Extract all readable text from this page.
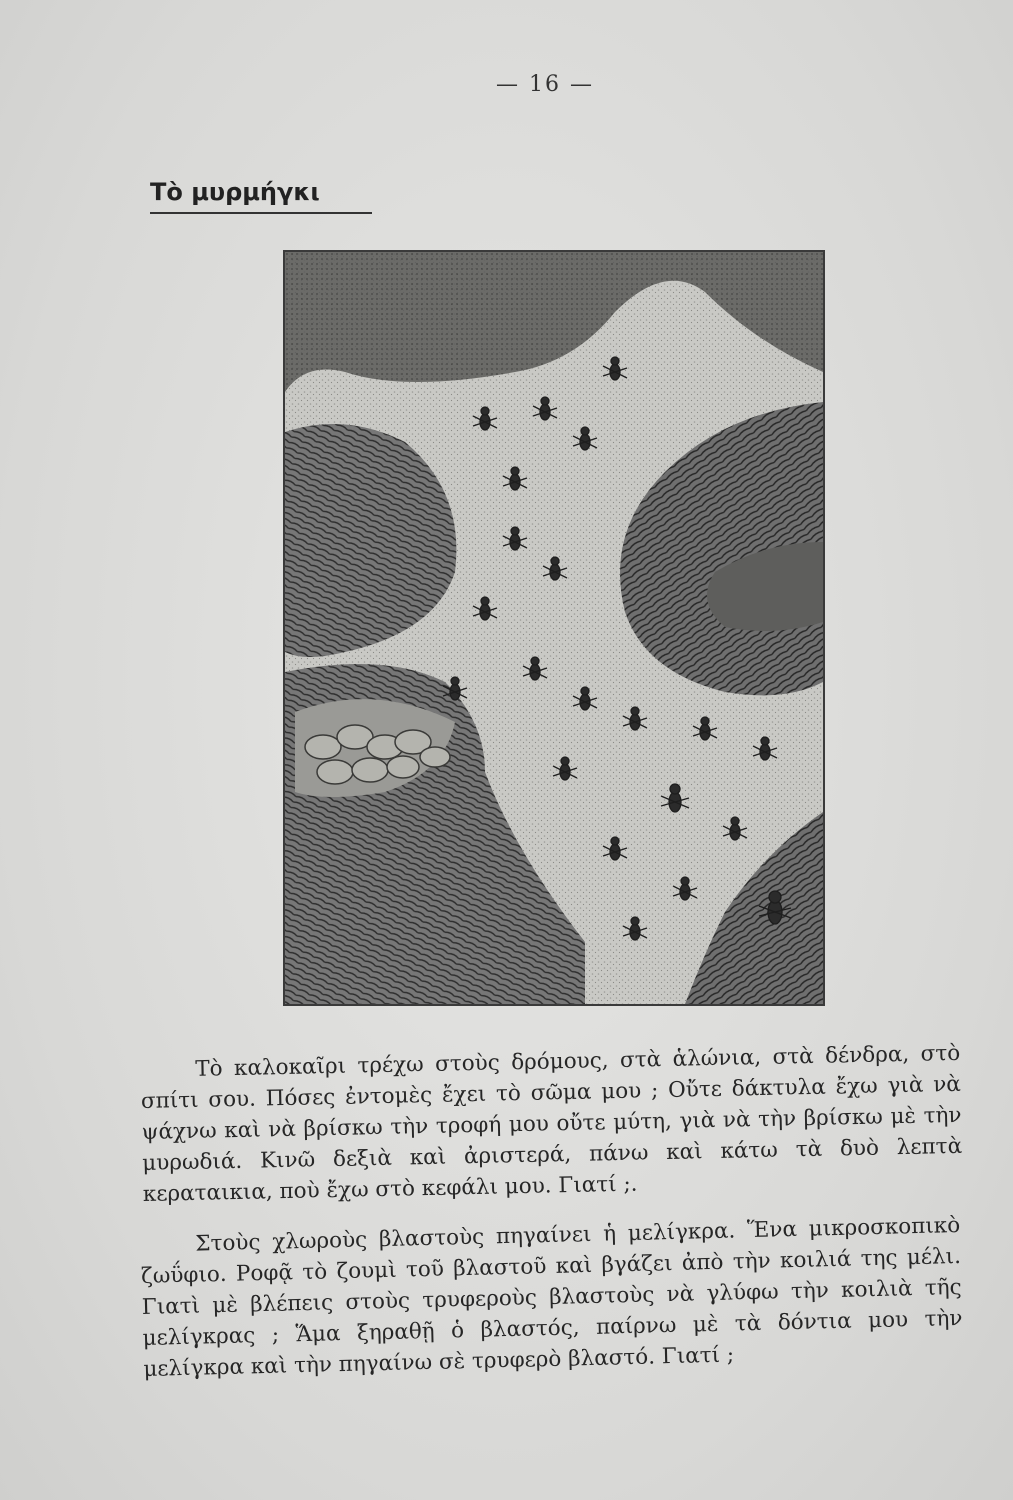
— 16 —
Τὸ μυρμήγκι
Τὸ καλοκαῖρι τρέχω στοὺς δρόμους, στὰ ἁλώνια, στὰ δένδρα, στὸ σπίτι σου. Πόσες ἐντομὲς ἔχει τὸ σῶμα μου ; Οὔτε δάκτυλα ἔχω γιὰ νὰ ψάχνω καὶ νὰ βρίσκω τὴν τροφή μου οὔτε μύτη, γιὰ νὰ τὴν βρίσκω μὲ τὴν μυρωδιά. Κινῶ δεξιὰ καὶ ἀριστερά, πάνω καὶ κάτω τὰ δυὸ λεπτὰ κεραταικια, ποὺ ἔχω στὸ κεφάλι μου. Γιατί ;.
Στοὺς χλωροὺς βλαστοὺς πηγαίνει ἡ μελίγκρα. Ἕνα μικροσκοπικὸ ζωΰφιο. Ροφᾷ τὸ ζουμὶ τοῦ βλαστοῦ καὶ βγάζει ἀπὸ τὴν κοιλιά της μέλι. Γιατὶ μὲ βλέπεις στοὺς τρυφεροὺς βλαστοὺς νὰ γλύφω τὴν κοιλιὰ τῆς μελίγκρας ; Ἅμα ξηραθῇ ὁ βλαστός, παίρνω μὲ τὰ δόντια μου τὴν μελίγκρα καὶ τὴν πηγαίνω σὲ τρυφερὸ βλαστό. Γιατί ;
